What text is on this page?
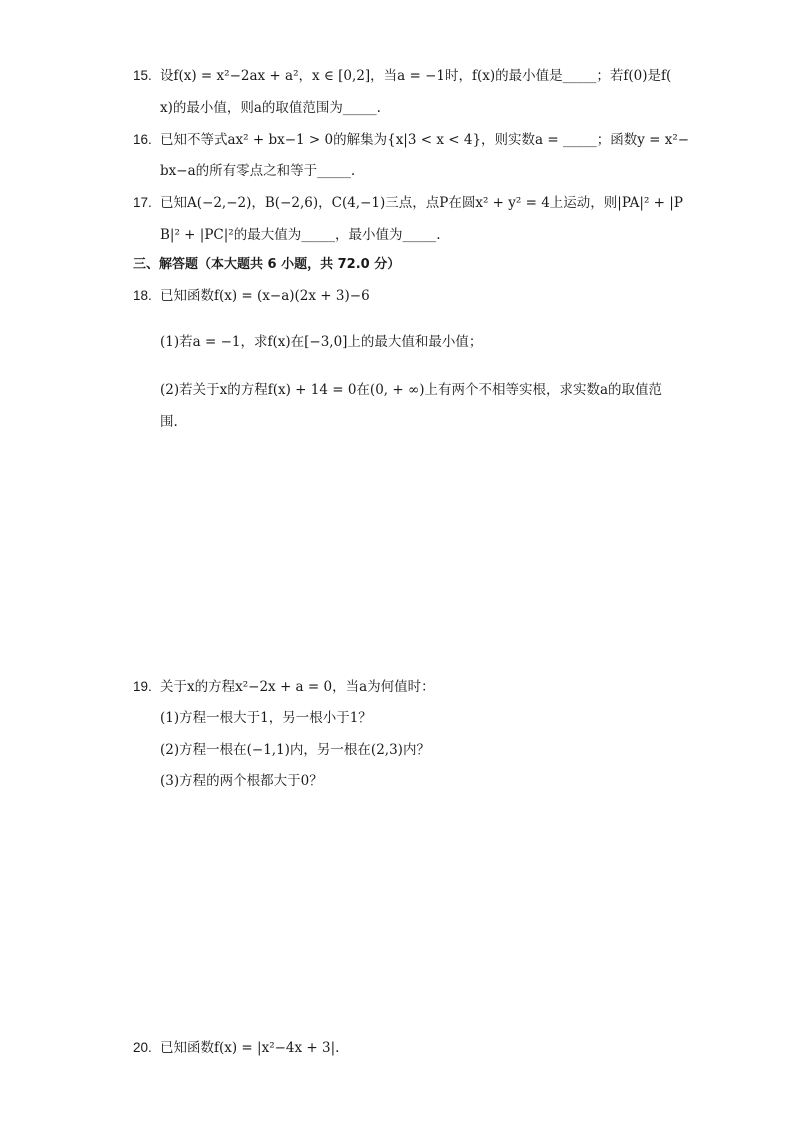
15. 设f(x) = x²−2ax + a²，x ∈ [0,2]，当a = −1时，f(x)的最小值是_____；若f(0)是f(
x)的最小值，则a的取值范围为_____.
16. 已知不等式ax² + bx−1 > 0的解集为{x|3 < x < 4}，则实数a = _____；函数y = x²−
bx−a的所有零点之和等于_____.
17. 已知A(−2,−2)，B(−2,6)，C(4,−1)三点，点P在圆x² + y² = 4上运动，则|PA|² + |P
B|² + |PC|²的最大值为_____，最小值为_____.
三、解答题（本大题共 6 小题，共 72.0 分）
18. 已知函数f(x) = (x−a)(2x + 3)−6
(1)若a = −1，求f(x)在[−3,0]上的最大值和最小值；
(2)若关于x的方程f(x) + 14 = 0在(0, + ∞)上有两个不相等实根，求实数a的取值范
围.
19. 关于x的方程x²−2x + a = 0，当a为何值时：
(1)方程一根大于1，另一根小于1？
(2)方程一根在(−1,1)内，另一根在(2,3)内？
(3)方程的两个根都大于0？
20. 已知函数f(x) = |x²−4x + 3|.
